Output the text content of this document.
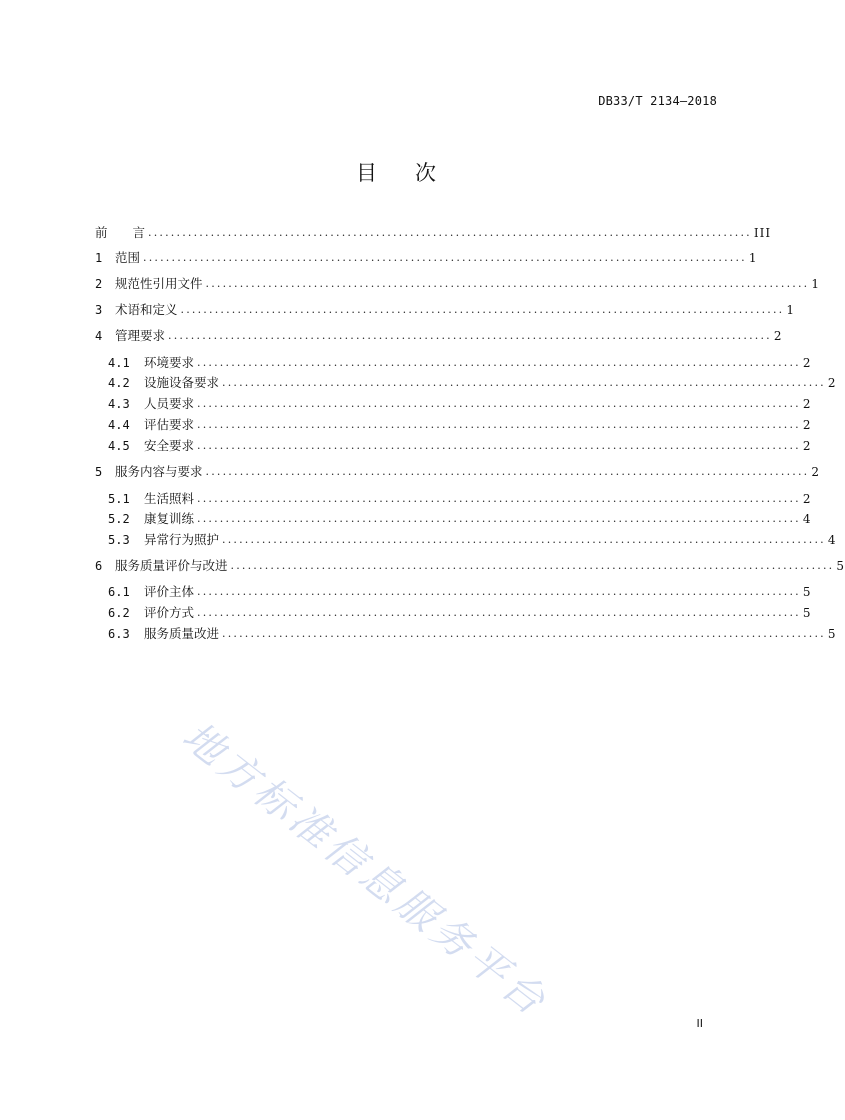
DB33/T 2134—2018
目次
前　　言 .......................................................................................................... III
1	范围 .......................................................................................................... 1
2	规范性引用文件 .......................................................................................................... 1
3	术语和定义 .......................................................................................................... 1
4	管理要求 .......................................................................................................... 2
4.1	环境要求 .......................................................................................................... 2
4.2	设施设备要求 .......................................................................................................... 2
4.3	人员要求 .......................................................................................................... 2
4.4	评估要求 .......................................................................................................... 2
4.5	安全要求 .......................................................................................................... 2
5	服务内容与要求 .......................................................................................................... 2
5.1	生活照料 .......................................................................................................... 2
5.2	康复训练 .......................................................................................................... 4
5.3	异常行为照护 .......................................................................................................... 4
6	服务质量评价与改进 .......................................................................................................... 5
6.1	评价主体 .......................................................................................................... 5
6.2	评价方式 .......................................................................................................... 5
6.3	服务质量改进 .......................................................................................................... 5
地方标准信息服务平台	II
